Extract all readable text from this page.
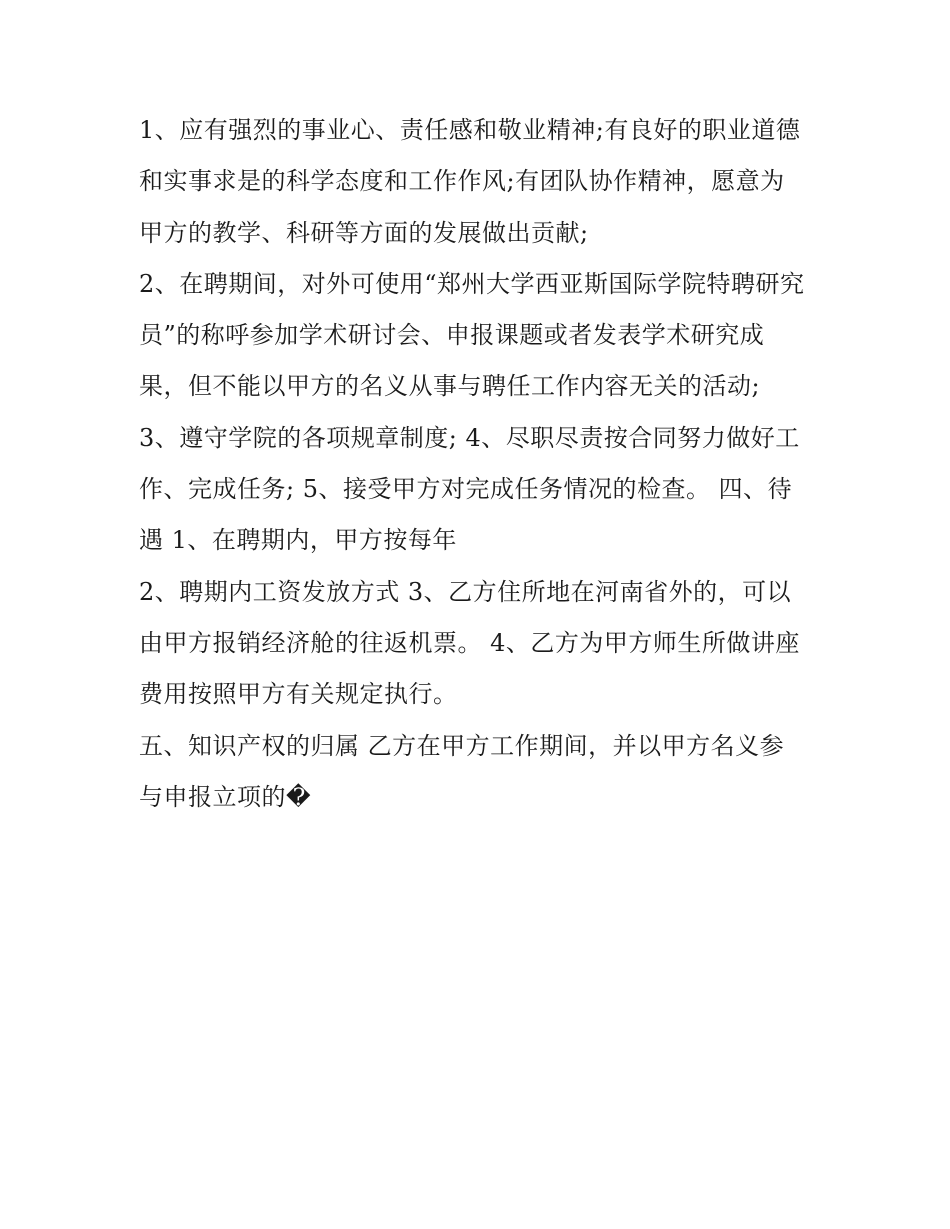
1、应有强烈的事业心、责任感和敬业精神;有良好的职业道德
和实事求是的科学态度和工作作风;有团队协作精神，愿意为
甲方的教学、科研等方面的发展做出贡献;
2、在聘期间，对外可使用“郑州大学西亚斯国际学院特聘研究
员”的称呼参加学术研讨会、申报课题或者发表学术研究成
果，但不能以甲方的名义从事与聘任工作内容无关的活动;
3、遵守学院的各项规章制度; 4、尽职尽责按合同努力做好工
作、完成任务; 5、接受甲方对完成任务情况的检查。 四、待
遇 1、在聘期内，甲方按每年
2、聘期内工资发放方式 3、乙方住所地在河南省外的，可以
由甲方报销经济舱的往返机票。 4、乙方为甲方师生所做讲座
费用按照甲方有关规定执行。
五、知识产权的归属 乙方在甲方工作期间，并以甲方名义参
与申报立项的�
